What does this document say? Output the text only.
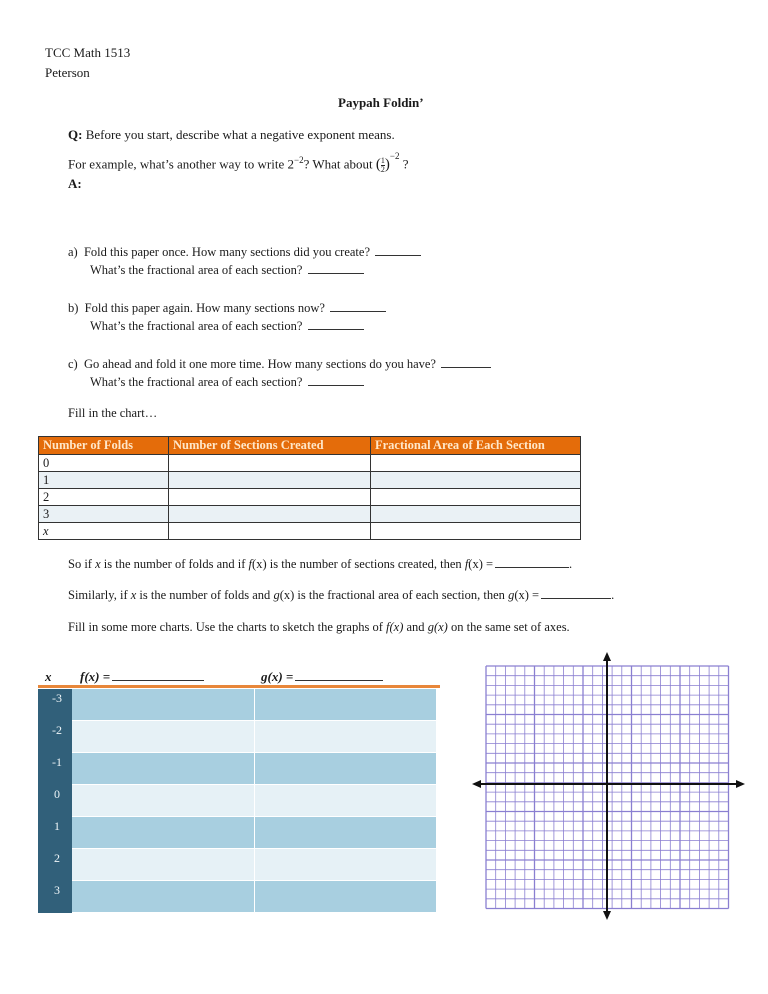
TCC Math 1513
Peterson
Paypah Foldin’
Q: Before you start, describe what a negative exponent means.
For example, what’s another way to write $2^{-2}$? What about ( $\frac{1}{2} )^{-2}$ ?
A:
a) Fold this paper once. How many sections did you create?
What’s the fractional area of each section?
b) Fold this paper again. How many sections now?
What’s the fractional area of each section?
c) Go ahead and fold it one more time. How many sections do you have?
What’s the fractional area of each section?
Fill in the chart…
Number of Folds	Number of Sections Created	Fractional Area of Each Section
0		
1		
2		
3		
x		
So if x is the number of folds and if f(x) is the number of sections created, then f(x) =	.
Similarly, if x is the number of folds and g(x) is the fractional area of each section, then g(x) =	.
Fill in some more charts. Use the charts to sketch the graphs of f(x) and g(x) on the same set of axes.
x f(x) =	g(x) =
-3
-2
-1
0
1
2
3
